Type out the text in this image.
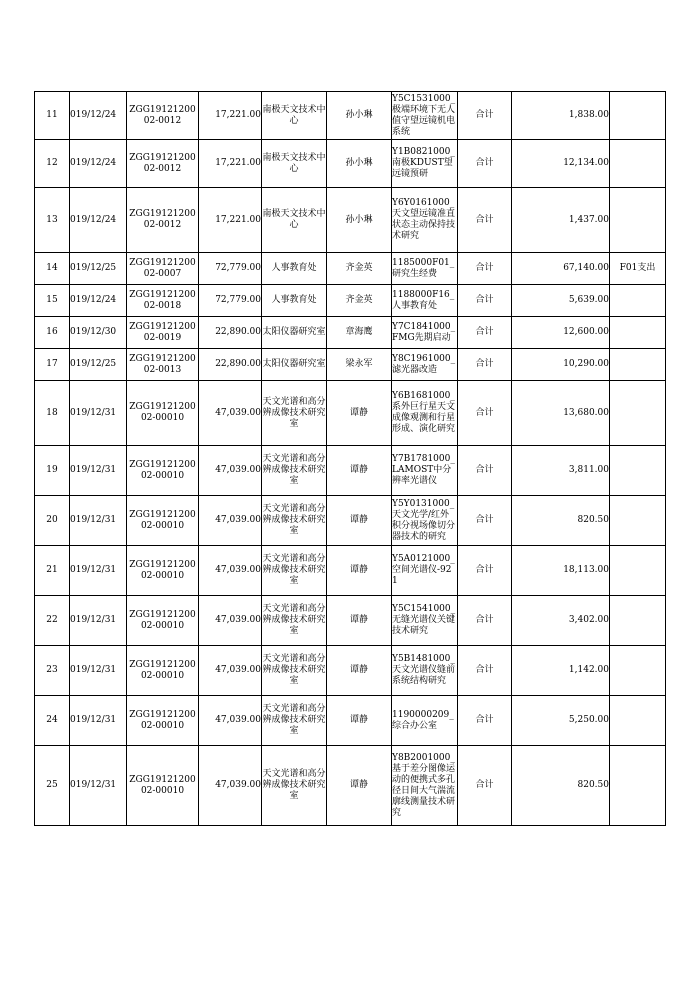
11	019/12/24	ZGG1912120002-0012	17,221.00	南极天文技术中心	孙小琳	Y5C1531000_极端环境下无人值守望远镜机电系统	合计	1,838.00	
12	019/12/24	ZGG1912120002-0012	17,221.00	南极天文技术中心	孙小琳	Y1B0821000_南极KDUST望远镜预研	合计	12,134.00	
13	019/12/24	ZGG1912120002-0012	17,221.00	南极天文技术中心	孙小琳	Y6Y0161000_天文望远镜准直状态主动保持技术研究	合计	1,437.00	
14	019/12/25	ZGG1912120002-0007	72,779.00	人事教育处	齐金英	1185000F01_研究生经费	合计	67,140.00	F01支出
15	019/12/24	ZGG1912120002-0018	72,779.00	人事教育处	齐金英	1188000F16_人事教育处	合计	5,639.00	
16	019/12/30	ZGG1912120002-0019	22,890.00	太阳仪器研究室	章海鹰	Y7C1841000_FMG先期启动	合计	12,600.00	
17	019/12/25	ZGG1912120002-0013	22,890.00	太阳仪器研究室	梁永军	Y8C1961000_滤光器改造	合计	10,290.00	
18	019/12/31	ZGG1912120002-00010	47,039.00	天文光谱和高分辨成像技术研究室	谭静	Y6B1681000_系外巨行星天文成像观测和行星形成、演化研究	合计	13,680.00	
19	019/12/31	ZGG1912120002-00010	47,039.00	天文光谱和高分辨成像技术研究室	谭静	Y7B1781000_LAMOST中分辨率光谱仪	合计	3,811.00	
20	019/12/31	ZGG1912120002-00010	47,039.00	天文光谱和高分辨成像技术研究室	谭静	Y5Y0131000_天文光学/红外积分视场像切分器技术的研究	合计	820.50	
21	019/12/31	ZGG1912120002-00010	47,039.00	天文光谱和高分辨成像技术研究室	谭静	Y5A0121000_空间光谱仪-921	合计	18,113.00	
22	019/12/31	ZGG1912120002-00010	47,039.00	天文光谱和高分辨成像技术研究室	谭静	Y5C1541000_无缝光谱仪关键技术研究	合计	3,402.00	
23	019/12/31	ZGG1912120002-00010	47,039.00	天文光谱和高分辨成像技术研究室	谭静	Y5B1481000_天文光谱仪缝前系统结构研究	合计	1,142.00	
24	019/12/31	ZGG1912120002-00010	47,039.00	天文光谱和高分辨成像技术研究室	谭静	1190000209_综合办公室	合计	5,250.00	
25	019/12/31	ZGG1912120002-00010	47,039.00	天文光谱和高分辨成像技术研究室	谭静	Y8B2001000_基于差分图像运动的便携式多孔径日间大气湍流廓线测量技术研究	合计	820.50	
